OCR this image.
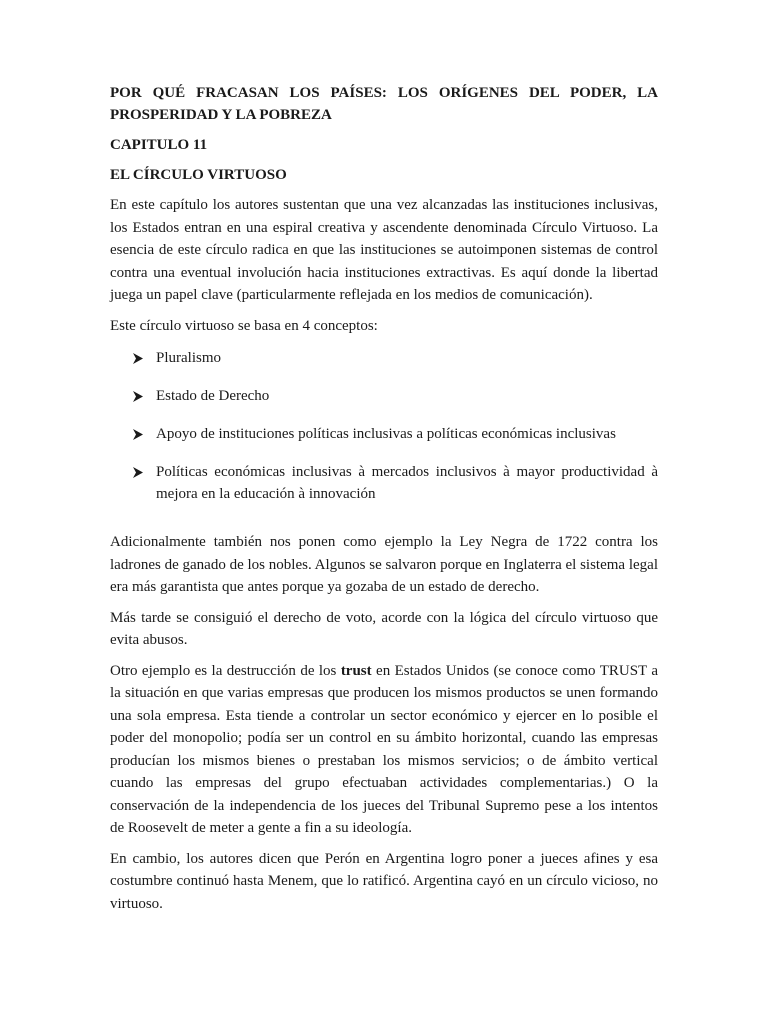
POR QUÉ FRACASAN LOS PAÍSES: LOS ORÍGENES DEL PODER, LA PROSPERIDAD Y LA POBREZA
CAPITULO 11
EL CÍRCULO VIRTUOSO

En este capítulo los autores sustentan que una vez alcanzadas las instituciones inclusivas, los Estados entran en una espiral creativa y ascendente denominada Círculo Virtuoso. La esencia de este círculo radica en que las instituciones se autoimponen sistemas de control contra una eventual involución hacia instituciones extractivas. Es aquí donde la libertad juega un papel clave (particularmente reflejada en los medios de comunicación).

Este círculo virtuoso se basa en 4 conceptos:

Pluralismo
Estado de Derecho
Apoyo de instituciones políticas inclusivas a políticas económicas inclusivas
Políticas económicas inclusivas à mercados inclusivos à mayor productividad à mejora en la educación à innovación

Adicionalmente también nos ponen como ejemplo la Ley Negra de 1722 contra los ladrones de ganado de los nobles. Algunos se salvaron porque en Inglaterra el sistema legal era más garantista que antes porque ya gozaba de un estado de derecho.

Más tarde se consiguió el derecho de voto, acorde con la lógica del círculo virtuoso que evita abusos.

Otro ejemplo es la destrucción de los trust en Estados Unidos (se conoce como TRUST a la situación en que varias empresas que producen los mismos productos se unen formando una sola empresa. Esta tiende a controlar un sector económico y ejercer en lo posible el poder del monopolio; podía ser un control en su ámbito horizontal, cuando las empresas producían los mismos bienes o prestaban los mismos servicios; o de ámbito vertical cuando las empresas del grupo efectuaban actividades complementarias.) O la conservación de la independencia de los jueces del Tribunal Supremo pese a los intentos de Roosevelt de meter a gente a fin a su ideología.

En cambio, los autores dicen que Perón en Argentina logro poner a jueces afines y esa costumbre continuó hasta Menem, que lo ratificó. Argentina cayó en un círculo vicioso, no virtuoso.
